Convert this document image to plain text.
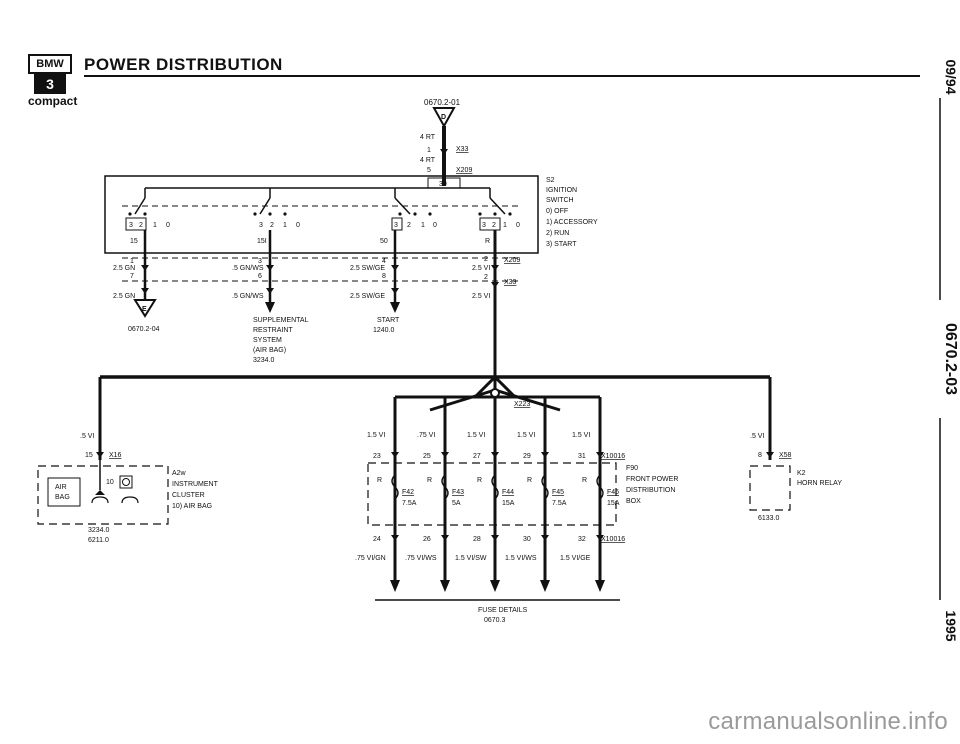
BMW
3
compact
POWER DISTRIBUTION	09/94
0670.2-03
1995
0670.2-01
D
4 RT
1	X33
4 RT
5	X209
30
3 2 1 0	3 2 1 0	3 2 1 0	3 2 1 0
15	15I	50	R
S2
IGNITION
SWITCH
0) OFF
1) ACCESSORY
2) RUN
3) START
1
2.5 GN
7
2.5 GN
E
0670.2-04
3
.5 GN/WS
6
.5 GN/WS
SUPPLEMENTAL
RESTRAINT
SYSTEM
(AIR BAG)
3234.0
4
2.5 SW/GE
8
2.5 SW/GE
START
1240.0
2
2.5 VI
X209
2
X33
2.5 VI
X223
.5 VI
15 X16
AIR
BAG
10
A2w
INSTRUMENT
CLUSTER
10) AIR BAG
3234.0
6211.0
1.5 VI
23
R
F42
7.5A
24
.75 VI/GN
.75 VI
25
R
F43
5A
26
.75 VI/WS
1.5 VI
27
R
F44
15A
28
1.5 VI/SW
1.5 VI
29
R
F45
7.5A
30
1.5 VI/WS
1.5 VI
31
R
F46
15A
32
1.5 VI/GE
X10016
X10016
F90
FRONT POWER
DISTRIBUTION
BOX
FUSE DETAILS
0670.3
.5 VI
8 X58
K2
HORN RELAY
6133.0
carmanualsonline.info
